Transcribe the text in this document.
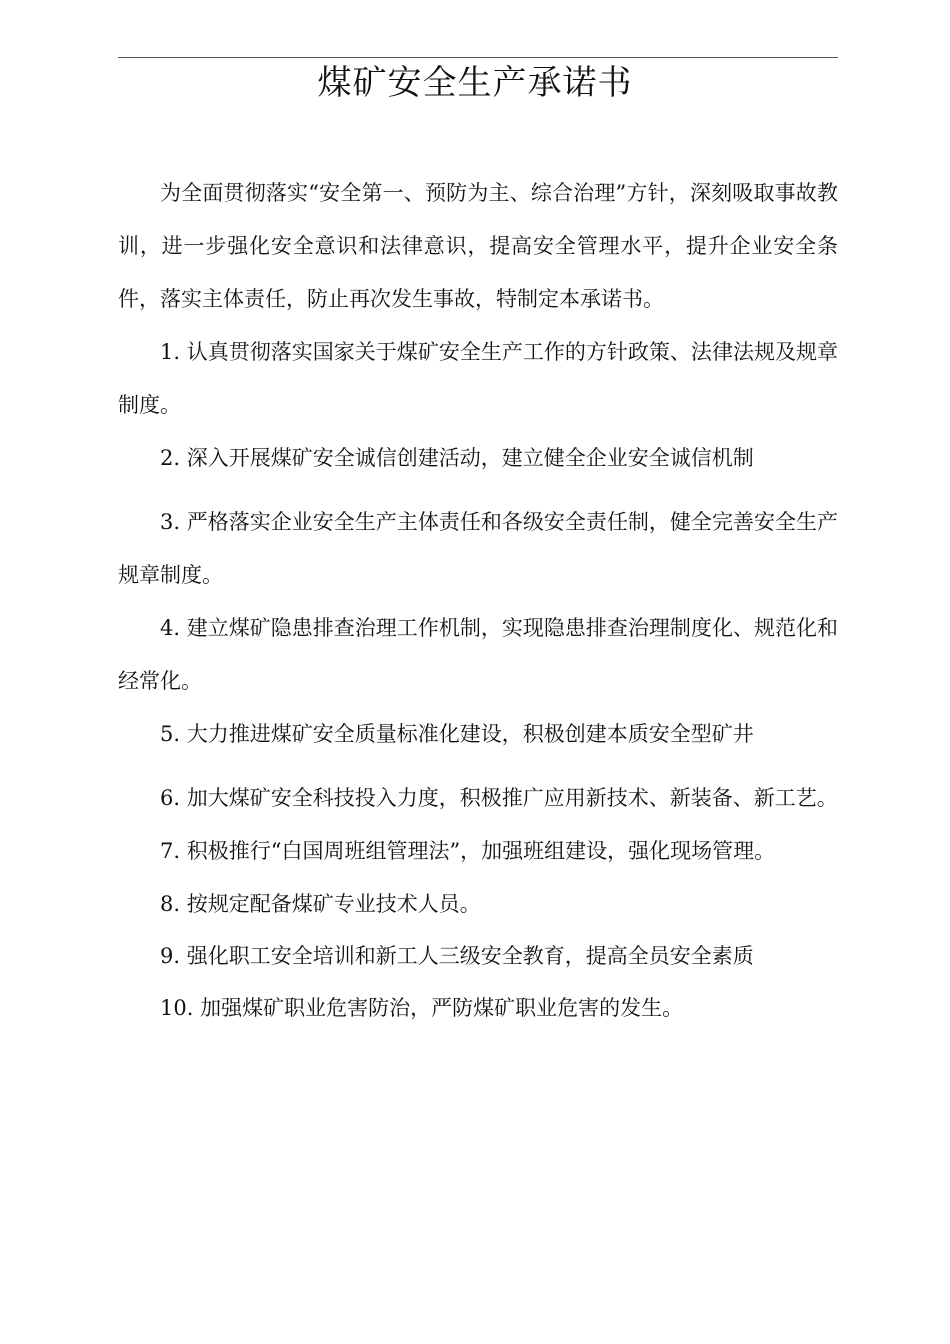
煤矿安全生产承诺书

为全面贯彻落实“安全第一、预防为主、综合治理”方针，深刻吸取事故教训，进一步强化安全意识和法律意识，提高安全管理水平，提升企业安全条件，落实主体责任，防止再次发生事故，特制定本承诺书。

1. 认真贯彻落实国家关于煤矿安全生产工作的方针政策、法律法规及规章制度。

2. 深入开展煤矿安全诚信创建活动，建立健全企业安全诚信机制

3. 严格落实企业安全生产主体责任和各级安全责任制，健全完善安全生产规章制度。

4. 建立煤矿隐患排查治理工作机制，实现隐患排查治理制度化、规范化和经常化。

5. 大力推进煤矿安全质量标准化建设，积极创建本质安全型矿井

6. 加大煤矿安全科技投入力度，积极推广应用新技术、新装备、新工艺。

7. 积极推行“白国周班组管理法”，加强班组建设，强化现场管理。

8. 按规定配备煤矿专业技术人员。

9. 强化职工安全培训和新工人三级安全教育，提高全员安全素质

10. 加强煤矿职业危害防治，严防煤矿职业危害的发生。
